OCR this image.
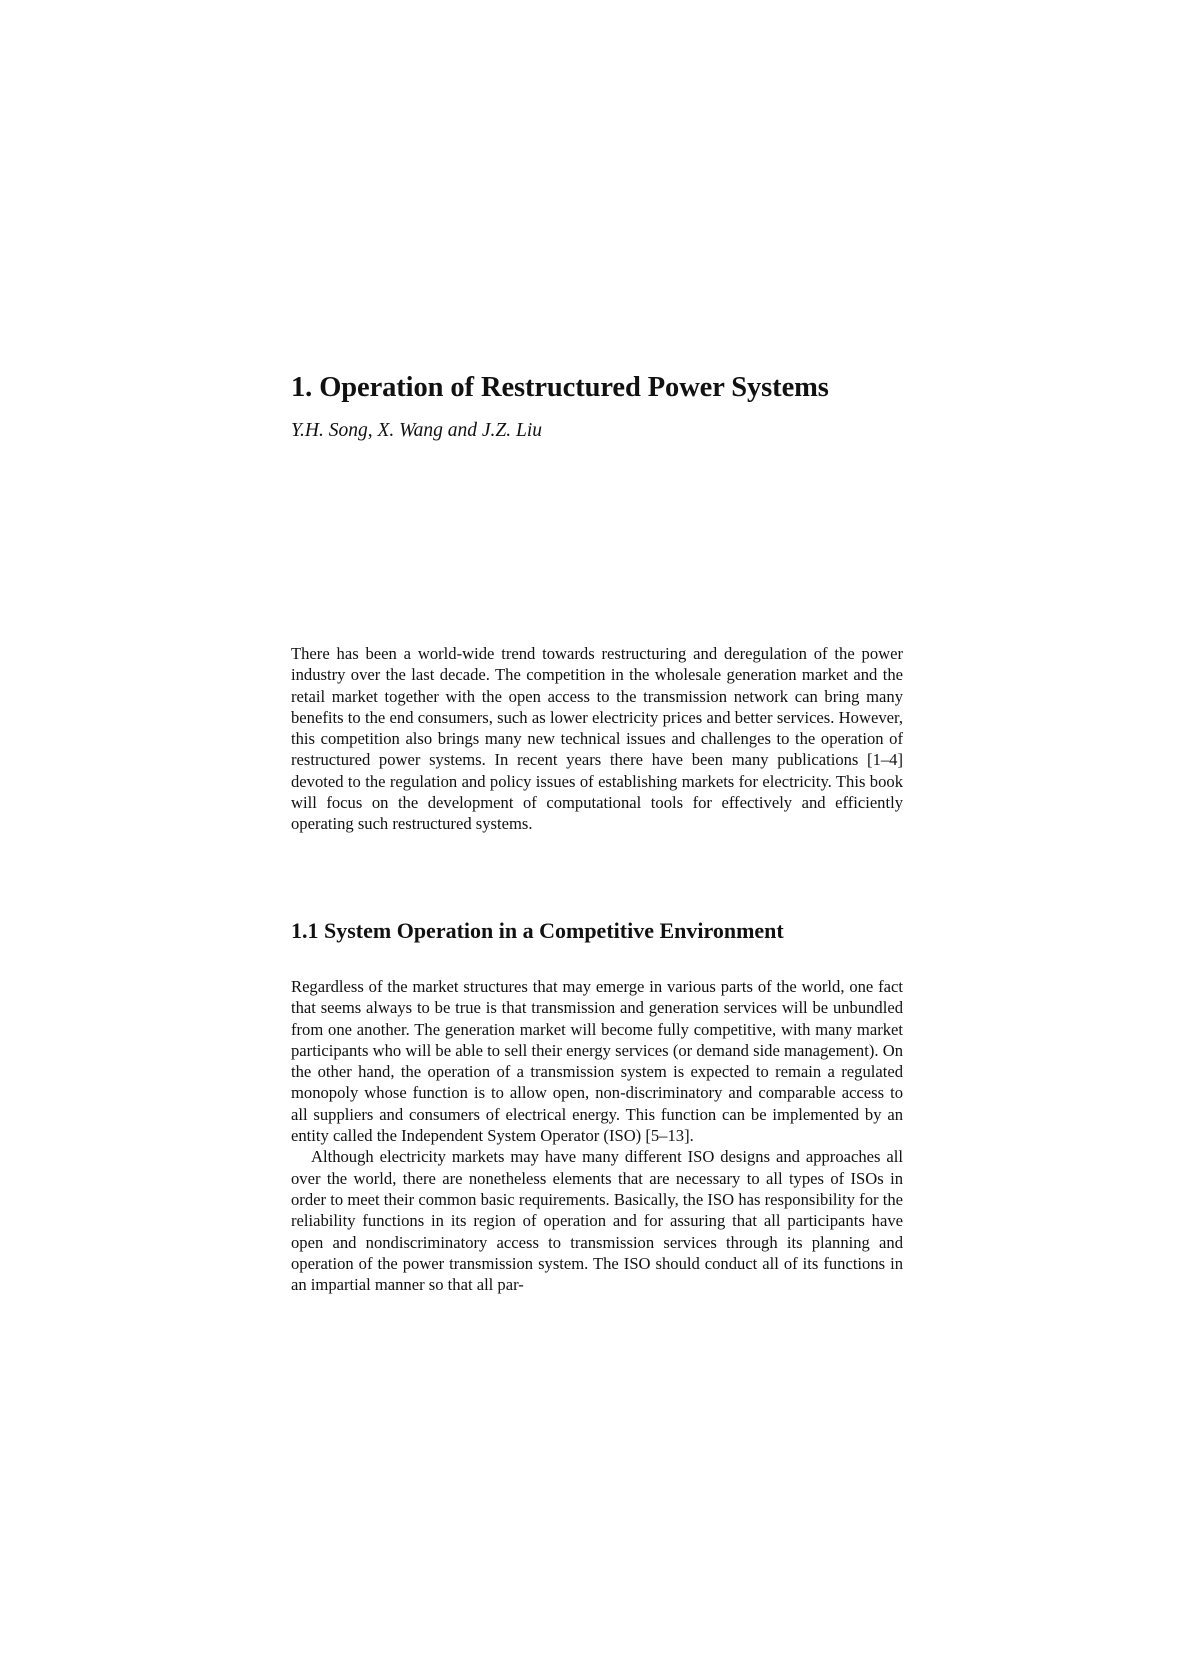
1. Operation of Restructured Power Systems

Y.H. Song, X. Wang and J.Z. Liu

There has been a world-wide trend towards restructuring and deregulation of the power industry over the last decade. The competition in the wholesale generation market and the retail market together with the open access to the transmission network can bring many benefits to the end consumers, such as lower electricity prices and better services. However, this competition also brings many new technical issues and challenges to the operation of restructured power systems. In recent years there have been many publications [1–4] devoted to the regulation and policy issues of establishing markets for electricity. This book will focus on the development of computational tools for effectively and efficiently operating such restructured systems.

1.1 System Operation in a Competitive Environment

Regardless of the market structures that may emerge in various parts of the world, one fact that seems always to be true is that transmission and generation services will be unbundled from one another. The generation market will become fully competitive, with many market participants who will be able to sell their energy services (or demand side management). On the other hand, the operation of a transmission system is expected to remain a regulated monopoly whose function is to allow open, non-discriminatory and comparable access to all suppliers and consumers of electrical energy. This function can be implemented by an entity called the Independent System Operator (ISO) [5–13].

Although electricity markets may have many different ISO designs and approaches all over the world, there are nonetheless elements that are necessary to all types of ISOs in order to meet their common basic requirements. Basically, the ISO has responsibility for the reliability functions in its region of operation and for assuring that all participants have open and nondiscriminatory access to transmission services through its planning and operation of the power transmission system. The ISO should conduct all of its functions in an impartial manner so that all par-
